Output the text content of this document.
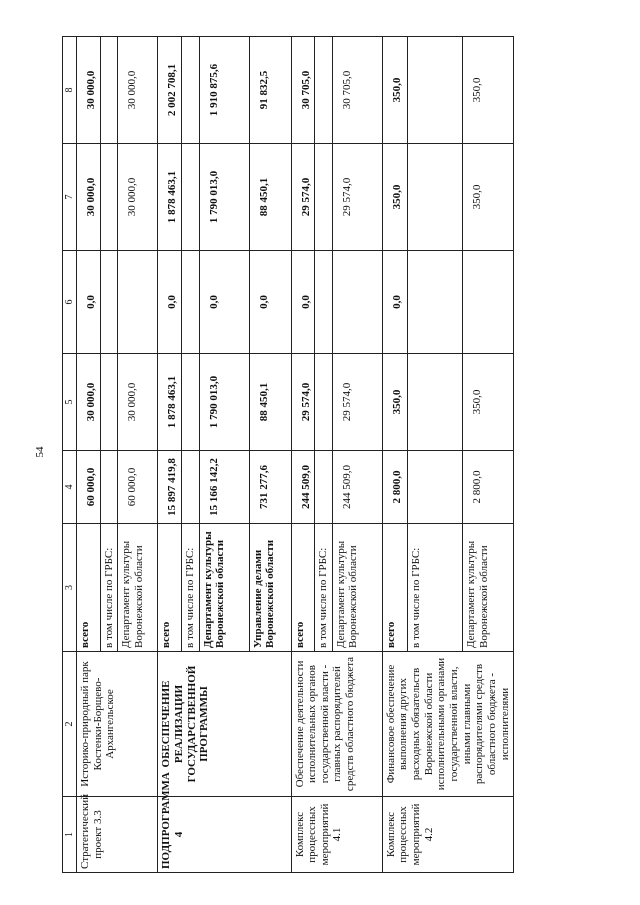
54
1	2	3	4	5	6	7	8
Стратегический проект 3.3	Историко-природный парк Костенки-Борщево-Архангельское	всего	60 000,0	30 000,0	0,0	30 000,0	30 000,0
		в том числе по ГРБС:					
		Департамент культуры Воронежской области	60 000,0	30 000,0		30 000,0	30 000,0
ПОДПРОГРАММА 4	ОБЕСПЕЧЕНИЕ РЕАЛИЗАЦИИ ГОСУДАРСТВЕННОЙ ПРОГРАММЫ	всего	15 897 419,8	1 878 463,1	0,0	1 878 463,1	2 002 708,1
		в том числе по ГРБС:					
		Департамент культуры Воронежской области	15 166 142,2	1 790 013,0	0,0	1 790 013,0	1 910 875,6
		Управление делами Воронежской области	731 277,6	88 450,1	0,0	88 450,1	91 832,5
Комплекс процессных мероприятий 4.1	Обеспечение деятельности исполнительных органов государственной власти - главных распорядителей средств областного бюджета	всего	244 509,0	29 574,0	0,0	29 574,0	30 705,0
		в том числе по ГРБС:					
		Департамент культуры Воронежской области	244 509,0	29 574,0		29 574,0	30 705,0
Комплекс процессных мероприятий 4.2	Финансовое обеспечение выполнения других расходных обязательств Воронежской области исполнительными органами государственной власти, иными главными распорядителями средств областного бюджета - исполнителями	всего	2 800,0	350,0	0,0	350,0	350,0
		в том числе по ГРБС:					
		Департамент культуры Воронежской области	2 800,0	350,0		350,0	350,0
